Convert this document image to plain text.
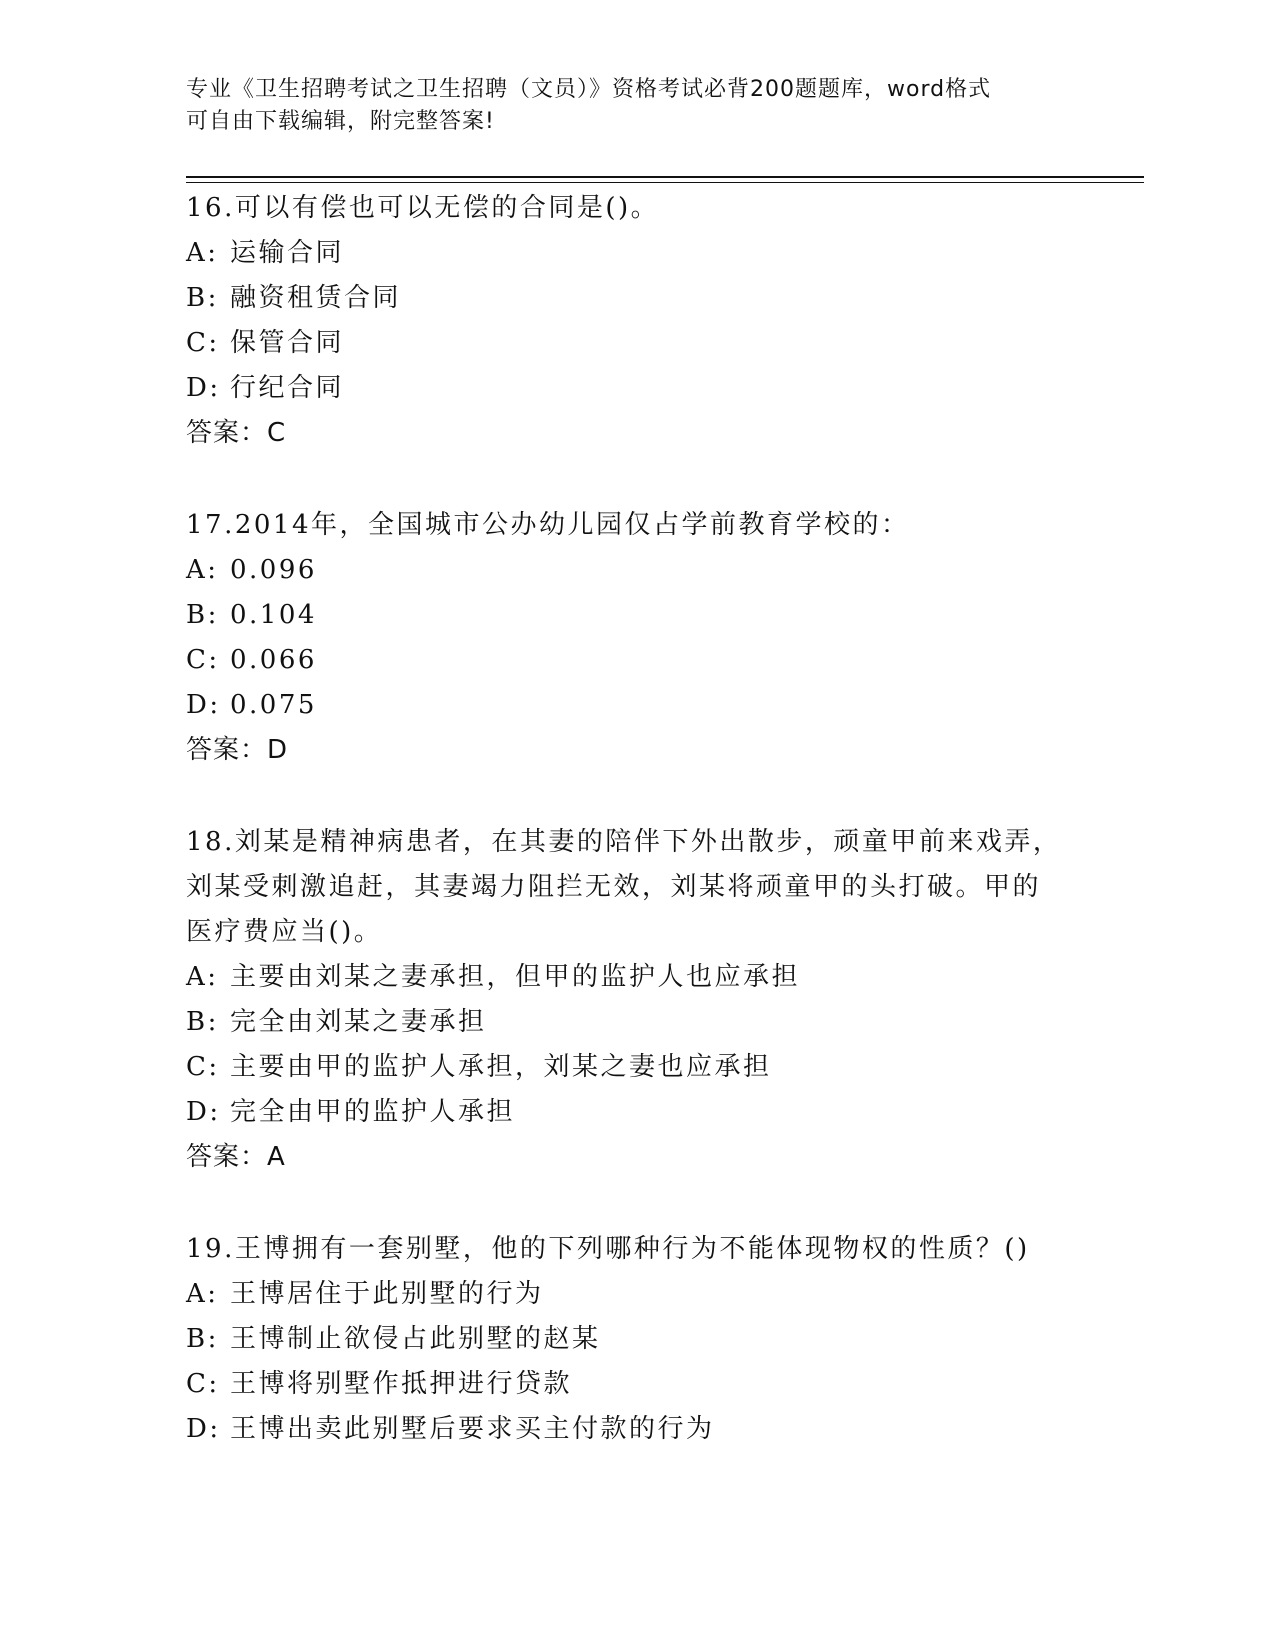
专业《卫生招聘考试之卫生招聘（文员）》资格考试必背200题题库，word格式
可自由下载编辑，附完整答案!
16.可以有偿也可以无偿的合同是()。
A: 运输合同
B: 融资租赁合同
C: 保管合同
D: 行纪合同
答案：C
17.2014年，全国城市公办幼儿园仅占学前教育学校的：
A: 0.096
B: 0.104
C: 0.066
D: 0.075
答案：D
18.刘某是精神病患者，在其妻的陪伴下外出散步，顽童甲前来戏弄，刘某受刺激追赶，其妻竭力阻拦无效，刘某将顽童甲的头打破。甲的医疗费应当()。
A: 主要由刘某之妻承担，但甲的监护人也应承担
B: 完全由刘某之妻承担
C: 主要由甲的监护人承担，刘某之妻也应承担
D: 完全由甲的监护人承担
答案：A
19.王博拥有一套别墅，他的下列哪种行为不能体现物权的性质？()
A: 王博居住于此别墅的行为
B: 王博制止欲侵占此别墅的赵某
C: 王博将别墅作抵押进行贷款
D: 王博出卖此别墅后要求买主付款的行为
